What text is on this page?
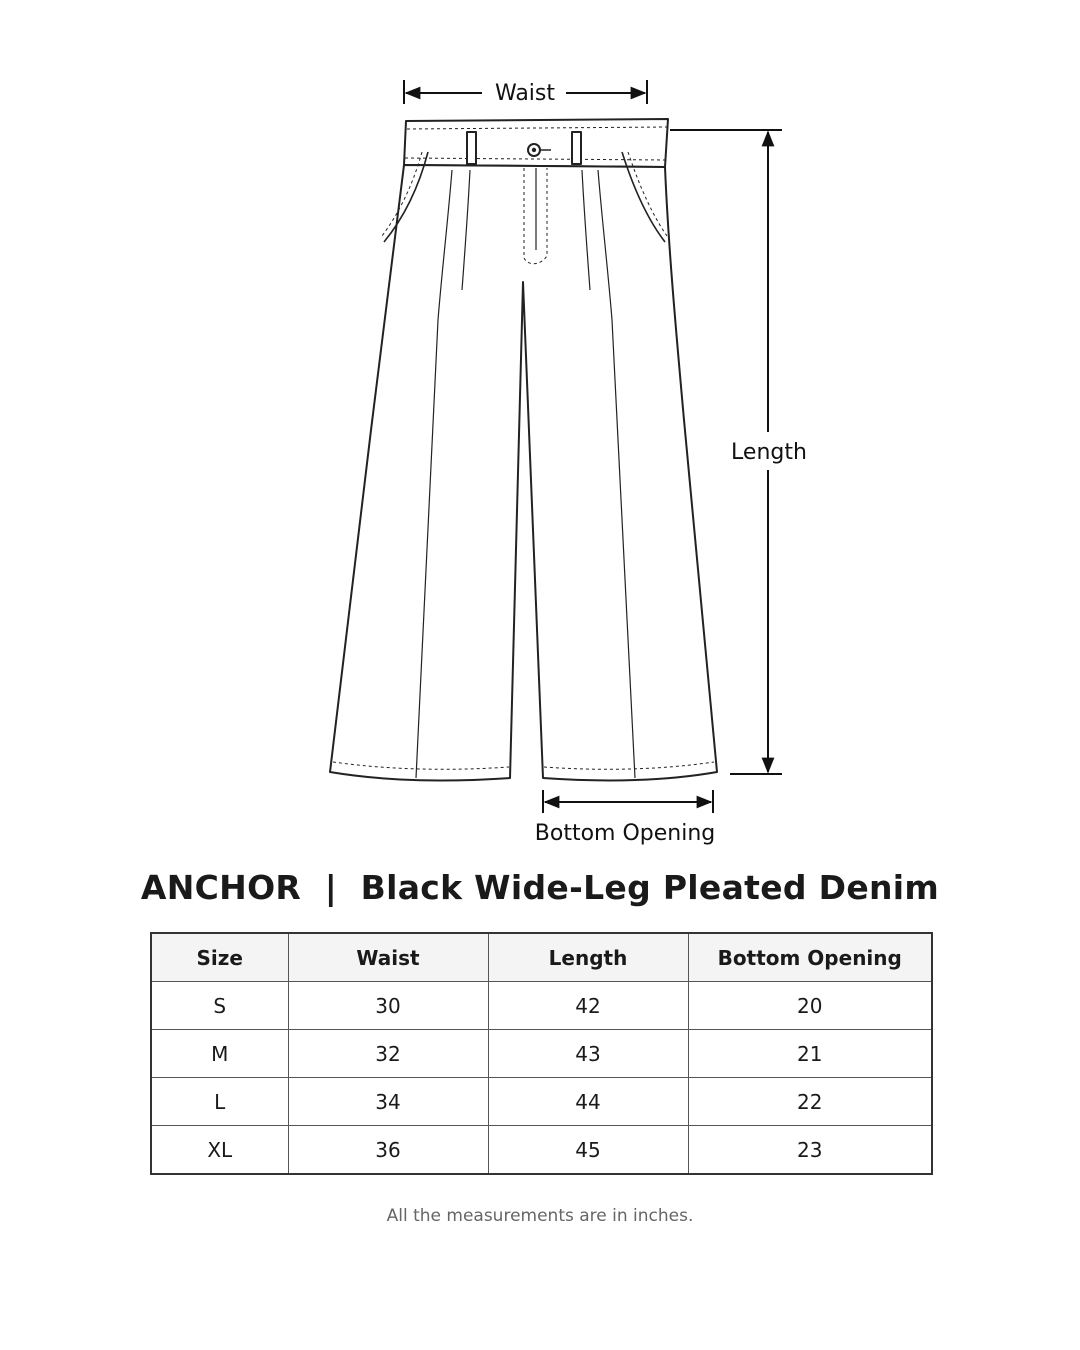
Waist
Length
Bottom Opening
ANCHOR | Black Wide-Leg Pleated Denim
Size	Waist	Length	Bottom Opening
S	30	42	20
M	32	43	21
L	34	44	22
XL	36	45	23
All the measurements are in inches.
